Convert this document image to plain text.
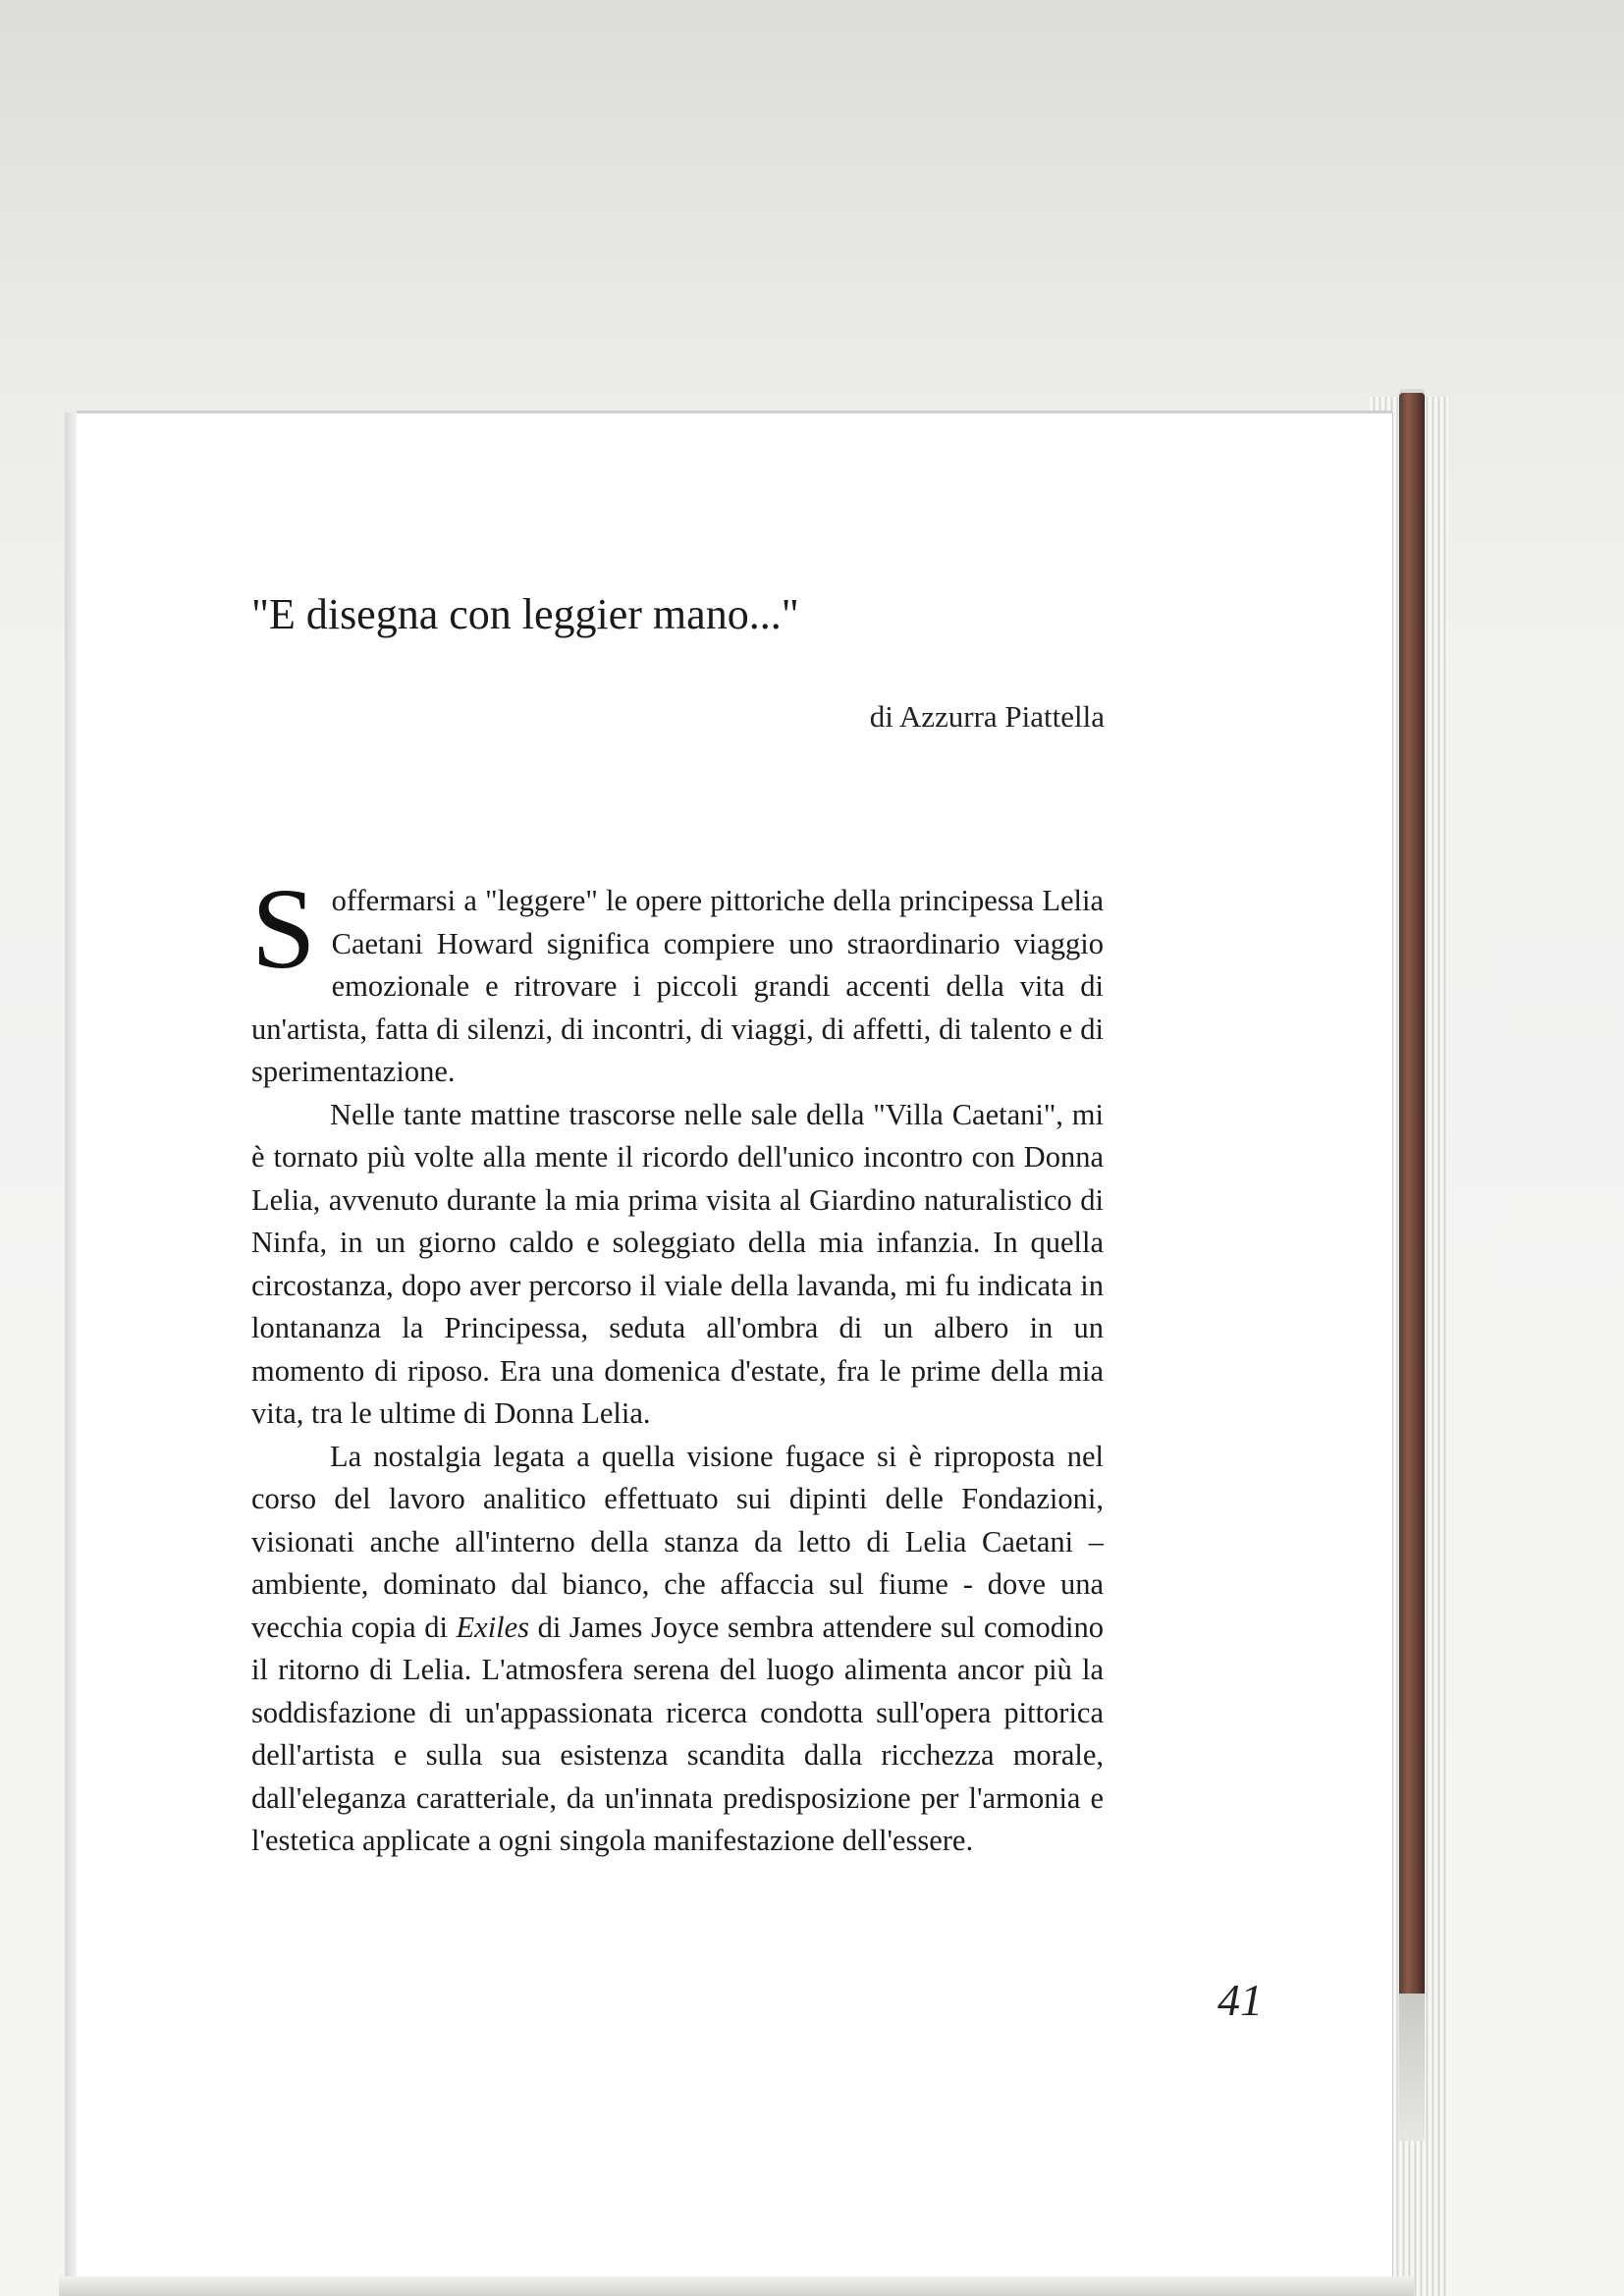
"E disegna con leggier mano..."
di Azzurra Piattella

Soffermarsi a "leggere" le opere pittoriche della principessa Lelia Caetani Howard significa compiere uno straordinario viaggio emozionale e ritrovare i piccoli grandi accenti della vita di un'artista, fatta di silenzi, di incontri, di viaggi, di affetti, di talento e di sperimentazione.

Nelle tante mattine trascorse nelle sale della "Villa Caetani", mi è tornato più volte alla mente il ricordo dell'unico incontro con Donna Lelia, avvenuto durante la mia prima visita al Giardino naturalistico di Ninfa, in un giorno caldo e soleggiato della mia infanzia. In quella circostanza, dopo aver percorso il viale della lavanda, mi fu indicata in lontananza la Principessa, seduta all'ombra di un albero in un momento di riposo. Era una domenica d'estate, fra le prime della mia vita, tra le ultime di Donna Lelia.

La nostalgia legata a quella visione fugace si è riproposta nel corso del lavoro analitico effettuato sui dipinti delle Fondazioni, visionati anche all'interno della stanza da letto di Lelia Caetani – ambiente, dominato dal bianco, che affaccia sul fiume - dove una vecchia copia di Exiles di James Joyce sembra attendere sul comodino il ritorno di Lelia. L'atmosfera serena del luogo alimenta ancor più la soddisfazione di un'appassionata ricerca condotta sull'opera pittorica dell'artista e sulla sua esistenza scandita dalla ricchezza morale, dall'eleganza caratteriale, da un'innata predisposizione per l'armonia e l'estetica applicate a ogni singola manifestazione dell'essere.

41
